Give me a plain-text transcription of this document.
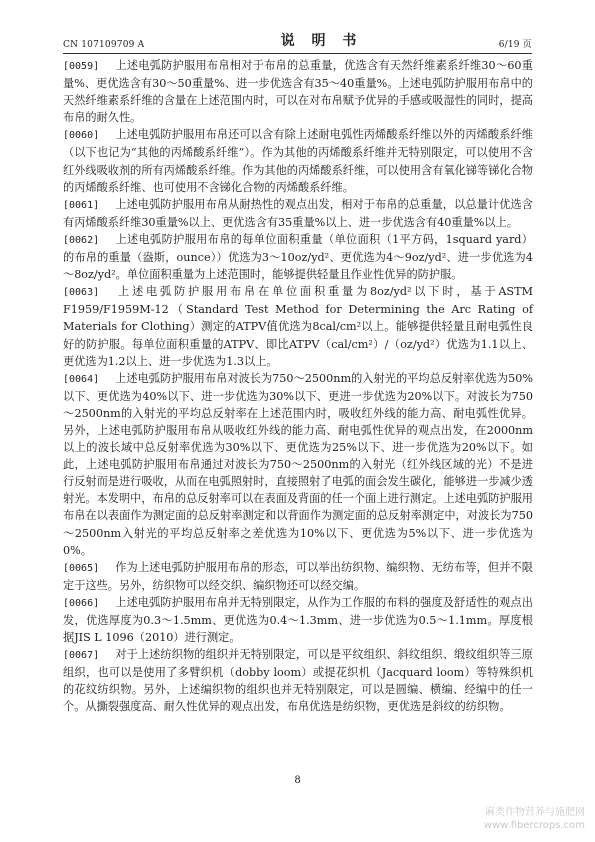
CN 107109709 A	说 明 书	6/19 页

[0059] 上述电弧防护服用布帛相对于布帛的总重量，优选含有天然纤维素系纤维30～60重量%、更优选含有30～50重量%、进一步优选含有35～40重量%。上述电弧防护服用布帛中的天然纤维素系纤维的含量在上述范围内时，可以在对布帛赋予优异的手感或吸湿性的同时，提高布帛的耐久性。

[0060] 上述电弧防护服用布帛还可以含有除上述耐电弧性丙烯酸系纤维以外的丙烯酸系纤维（以下也记为“其他的丙烯酸系纤维”）。作为其他的丙烯酸系纤维并无特别限定，可以使用不含红外线吸收剂的所有丙烯酸系纤维。作为其他的丙烯酸系纤维，可以使用含有氧化锑等锑化合物的丙烯酸系纤维、也可使用不含锑化合物的丙烯酸系纤维。

[0061] 上述电弧防护服用布帛从耐热性的观点出发，相对于布帛的总重量，以总量计优选含有丙烯酸系纤维30重量%以上、更优选含有35重量%以上、进一步优选含有40重量%以上。

[0062] 上述电弧防护服用布帛的每单位面积重量（单位面积（1平方码，1squard yard）的布帛的重量（盎斯，ounce））优选为3～10oz/yd²、更优选为4～9oz/yd²、进一步优选为4～8oz/yd²。单位面积重量为上述范围时，能够提供轻量且作业性优异的防护服。

[0063] 上述电弧防护服用布帛在单位面积重量为8oz/yd²以下时，基于ASTM F1959/F1959M-12（Standard Test Method for Determining the Arc Rating of Materials for Clothing）测定的ATPV值优选为8cal/cm²以上。能够提供轻量且耐电弧性良好的防护服。每单位面积重量的ATPV、即比ATPV（cal/cm²）/（oz/yd²）优选为1.1以上、更优选为1.2以上、进一步优选为1.3以上。

[0064] 上述电弧防护服用布帛对波长为750～2500nm的入射光的平均总反射率优选为50%以下、更优选为40%以下、进一步优选为30%以下、更进一步优选为20%以下。对波长为750～2500nm的入射光的平均总反射率在上述范围内时，吸收红外线的能力高、耐电弧性优异。另外，上述电弧防护服用布帛从吸收红外线的能力高、耐电弧性优异的观点出发，在2000nm以上的波长域中总反射率优选为30%以下、更优选为25%以下、进一步优选为20%以下。如此，上述电弧防护服用布帛通过对波长为750～2500nm的入射光（红外线区域的光）不是进行反射而是进行吸收，从而在电弧照射时，直接照射了电弧的面会发生碳化，能够进一步减少透射光。本发明中，布帛的总反射率可以在表面及背面的任一个面上进行测定。上述电弧防护服用布帛在以表面作为测定面的总反射率测定和以背面作为测定面的总反射率测定中，对波长为750～2500nm入射光的平均总反射率之差优选为10%以下、更优选为5%以下、进一步优选为0%。

[0065] 作为上述电弧防护服用布帛的形态，可以举出纺织物、编织物、无纺布等，但并不限定于这些。另外，纺织物可以经交织、编织物还可以经交编。

[0066] 上述电弧防护服用布帛并无特别限定，从作为工作服的布料的强度及舒适性的观点出发，优选厚度为0.3～1.5mm、更优选为0.4～1.3mm、进一步优选为0.5～1.1mm。厚度根据JIS L 1096（2010）进行测定。

[0067] 对于上述纺织物的组织并无特别限定，可以是平纹组织、斜纹组织、缎纹组织等三原组织，也可以是使用了多臂织机（dobby loom）或提花织机（Jacquard loom）等特殊织机的花纹纺织物。另外，上述编织物的组织也并无特别限定，可以是圆编、横编、经编中的任一个。从撕裂强度高、耐久性优异的观点出发，布帛优选是纺织物，更优选是斜纹的纺织物。

8
麻类作物营养与施肥网
www.fibercrops.com
